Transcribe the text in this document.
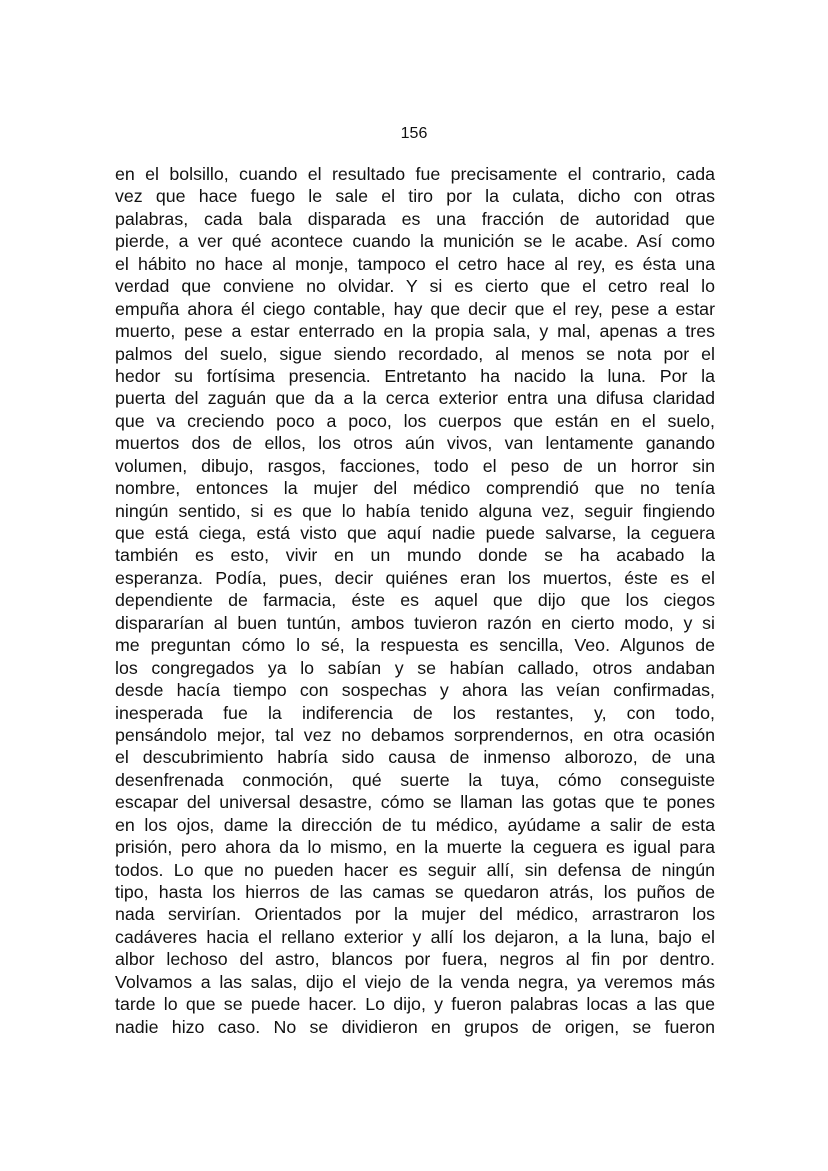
156
en el bolsillo, cuando el resultado fue precisamente el contrario, cada
vez que hace fuego le sale el tiro por la culata, dicho con otras
palabras, cada bala disparada es una fracción de autoridad que
pierde, a ver qué acontece cuando la munición se le acabe. Así como
el hábito no hace al monje, tampoco el cetro hace al rey, es ésta una
verdad que conviene no olvidar. Y si es cierto que el cetro real lo
empuña ahora él ciego contable, hay que decir que el rey, pese a estar
muerto, pese a estar enterrado en la propia sala, y mal, apenas a tres
palmos del suelo, sigue siendo recordado, al menos se nota por el
hedor su fortísima presencia. Entretanto ha nacido la luna. Por la
puerta del zaguán que da a la cerca exterior entra una difusa claridad
que va creciendo poco a poco, los cuerpos que están en el suelo,
muertos dos de ellos, los otros aún vivos, van lentamente ganando
volumen, dibujo, rasgos, facciones, todo el peso de un horror sin
nombre, entonces la mujer del médico comprendió que no tenía
ningún sentido, si es que lo había tenido alguna vez, seguir fingiendo
que está ciega, está visto que aquí nadie puede salvarse, la ceguera
también es esto, vivir en un mundo donde se ha acabado la
esperanza. Podía, pues, decir quiénes eran los muertos, éste es el
dependiente de farmacia, éste es aquel que dijo que los ciegos
dispararían al buen tuntún, ambos tuvieron razón en cierto modo, y si
me preguntan cómo lo sé, la respuesta es sencilla, Veo. Algunos de
los congregados ya lo sabían y se habían callado, otros andaban
desde hacía tiempo con sospechas y ahora las veían confirmadas,
inesperada fue la indiferencia de los restantes, y, con todo,
pensándolo mejor, tal vez no debamos sorprendernos, en otra ocasión
el descubrimiento habría sido causa de inmenso alborozo, de una
desenfrenada conmoción, qué suerte la tuya, cómo conseguiste
escapar del universal desastre, cómo se llaman las gotas que te pones
en los ojos, dame la dirección de tu médico, ayúdame a salir de esta
prisión, pero ahora da lo mismo, en la muerte la ceguera es igual para
todos. Lo que no pueden hacer es seguir allí, sin defensa de ningún
tipo, hasta los hierros de las camas se quedaron atrás, los puños de
nada servirían. Orientados por la mujer del médico, arrastraron los
cadáveres hacia el rellano exterior y allí los dejaron, a la luna, bajo el
albor lechoso del astro, blancos por fuera, negros al fin por dentro.
Volvamos a las salas, dijo el viejo de la venda negra, ya veremos más
tarde lo que se puede hacer. Lo dijo, y fueron palabras locas a las que
nadie hizo caso. No se dividieron en grupos de origen, se fueron
